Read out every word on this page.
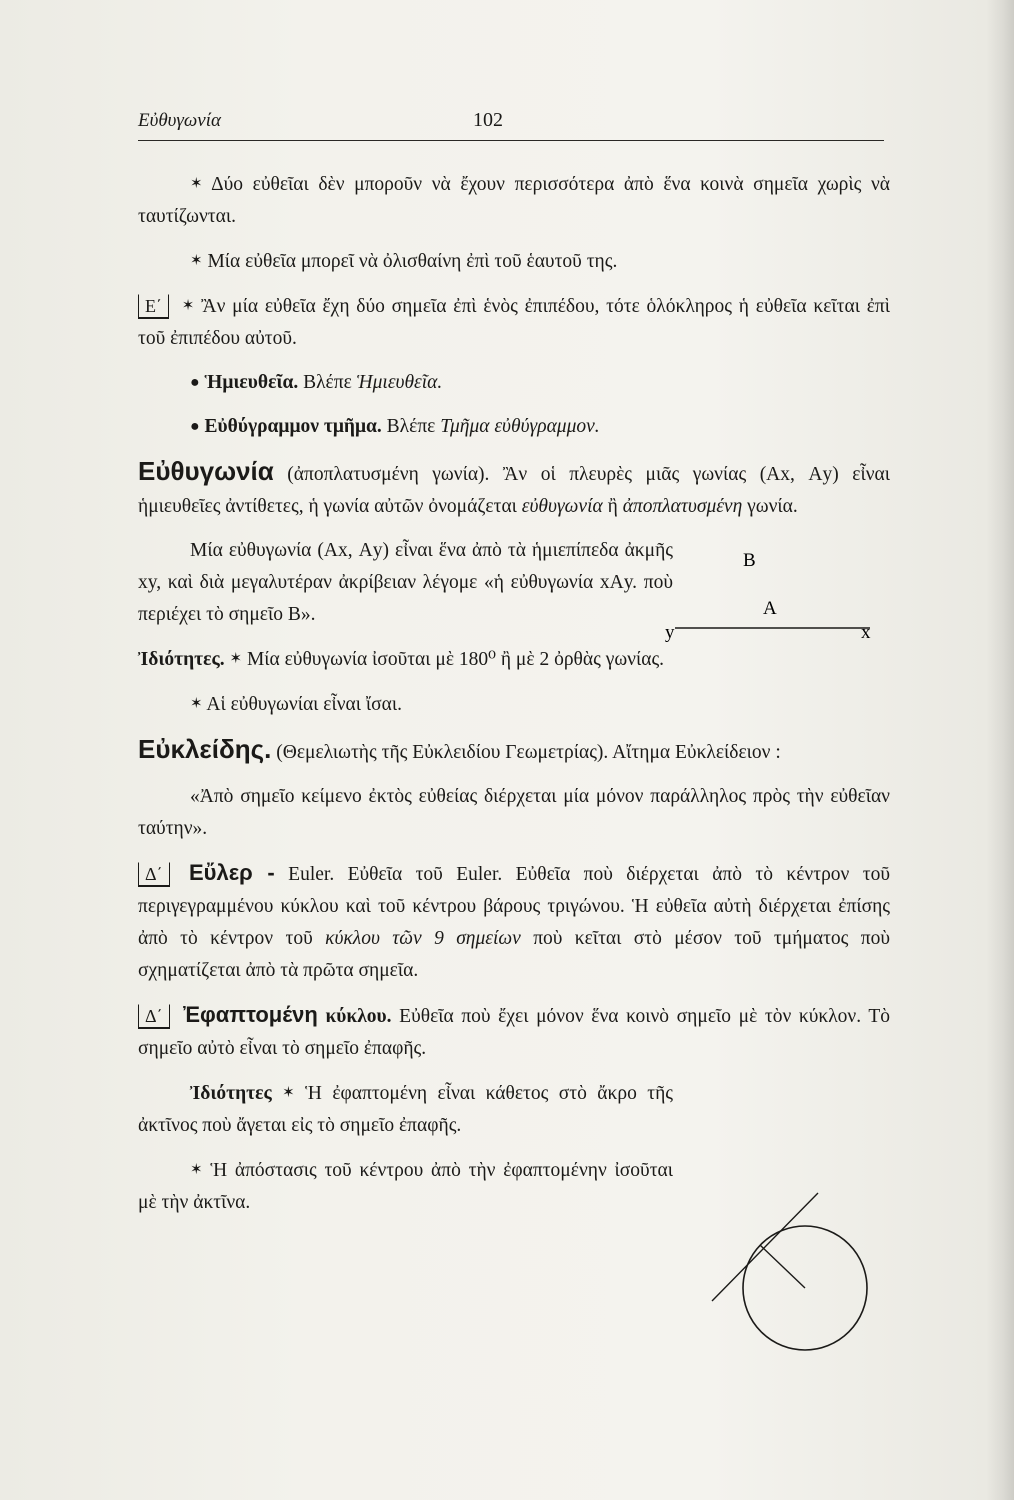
Εὐθυγωνία	102

✶ Δύο εὐθεῖαι δὲν μποροῦν νὰ ἔχουν περισσότερα ἀπὸ ἕνα κοινὰ σημεῖα χωρὶς νὰ ταυτίζωνται.

✶ Μία εὐθεῖα μπορεῖ νὰ ὀλισθαίνη ἐπὶ τοῦ ἑαυτοῦ της.

Ε΄ ✶ Ἂν μία εὐθεῖα ἔχη δύο σημεῖα ἐπὶ ἑνὸς ἐπιπέδου, τότε ὁλόκληρος ἡ εὐθεῖα κεῖται ἐπὶ τοῦ ἐπιπέδου αὐτοῦ.

● Ἡμιευθεῖα. Βλέπε Ἡμιευθεῖα.

● Εὐθύγραμμον τμῆμα. Βλέπε Τμῆμα εὐθύγραμμον.

Εὐθυγωνία (ἀποπλατυσμένη γωνία). Ἂν οἱ πλευρὲς μιᾶς γωνίας (Αx, Αy) εἶναι ἡμιευθεῖες ἀντίθετες, ἡ γωνία αὐτῶν ὀνομάζεται εὐθυγωνία ἢ ἀποπλατυσμένη γωνία.

Μία εὐθυγωνία (Αx, Αy) εἶναι ἕνα ἀπὸ τὰ ἡμιεπίπεδα ἀκμῆς xy, καὶ διὰ μεγαλυτέραν ἀκρίβειαν λέγομε «ἡ εὐθυγωνία xΑy. ποὺ περιέχει τὸ σημεῖο Β».

Ἰδιότητες. ✶ Μία εὐθυγωνία ἰσοῦται μὲ 180⁰ ἢ μὲ 2 ὀρθὰς γωνίας.

✶ Αἱ εὐθυγωνίαι εἶναι ἴσαι.

Εὐκλείδης. (Θεμελιωτὴς τῆς Εὐκλειδίου Γεωμετρίας). Αἴτημα Εὐκλείδειον :

«Ἀπὸ σημεῖο κείμενο ἐκτὸς εὐθείας διέρχεται μία μόνον παράλληλος πρὸς τὴν εὐθεῖαν ταύτην».

Δ΄ Εὔλερ - Euler. Εὐθεῖα τοῦ Euler. Εὐθεῖα ποὺ διέρχεται ἀπὸ τὸ κέντρον τοῦ περιγεγραμμένου κύκλου καὶ τοῦ κέντρου βάρους τριγώνου. Ἡ εὐθεῖα αὐτὴ διέρχεται ἐπίσης ἀπὸ τὸ κέντρον τοῦ κύκλου τῶν 9 σημείων ποὺ κεῖται στὸ μέσον τοῦ τμήματος ποὺ σχηματίζεται ἀπὸ τὰ πρῶτα σημεῖα.

Δ΄ Ἐφαπτομένη κύκλου. Εὐθεῖα ποὺ ἔχει μόνον ἕνα κοινὸ σημεῖο μὲ τὸν κύκλον. Τὸ σημεῖο αὐτὸ εἶναι τὸ σημεῖο ἐπαφῆς.

Ἰδιότητες ✶ Ἡ ἐφαπτομένη εἶναι κάθετος στὸ ἄκρο τῆς ἀκτῖνος ποὺ ἄγεται εἰς τὸ σημεῖο ἐπαφῆς.

✶ Ἡ ἀπόστασις τοῦ κέντρου ἀπὸ τὴν ἐφαπτομένην ἰσοῦται μὲ τὴν ἀκτῖνα.

Β
Α
y	x
